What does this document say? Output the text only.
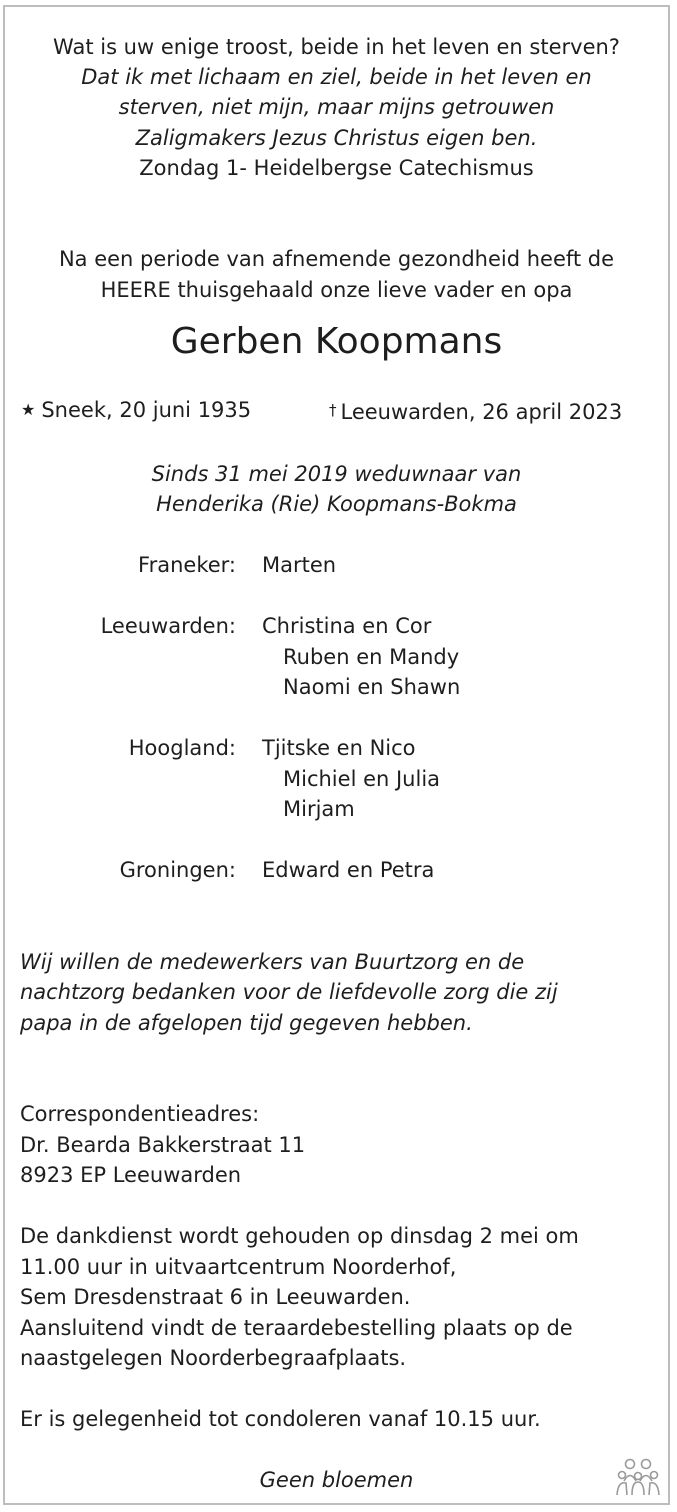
Wat is uw enige troost, beide in het leven en sterven?
Dat ik met lichaam en ziel, beide in het leven en
sterven, niet mijn, maar mijns getrouwen
Zaligmakers Jezus Christus eigen ben.
Zondag 1- Heidelbergse Catechismus
Na een periode van afnemende gezondheid heeft de
HEERE thuisgehaald onze lieve vader en opa
Gerben Koopmans
★ Sneek, 20 juni 1935	† Leeuwarden, 26 april 2023
Sinds 31 mei 2019 weduwnaar van
Henderika (Rie) Koopmans-Bokma
Franeker: Marten
Leeuwarden: Christina en Cor
Ruben en Mandy
Naomi en Shawn
Hoogland: Tjitske en Nico
Michiel en Julia
Mirjam
Groningen: Edward en Petra
Wij willen de medewerkers van Buurtzorg en de
nachtzorg bedanken voor de liefdevolle zorg die zij
papa in de afgelopen tijd gegeven hebben.
Correspondentieadres:
Dr. Bearda Bakkerstraat 11
8923 EP Leeuwarden
De dankdienst wordt gehouden op dinsdag 2 mei om
11.00 uur in uitvaartcentrum Noorderhof,
Sem Dresdenstraat 6 in Leeuwarden.
Aansluitend vindt de teraardebestelling plaats op de
naastgelegen Noorderbegraafplaats.
Er is gelegenheid tot condoleren vanaf 10.15 uur.
Geen bloemen
